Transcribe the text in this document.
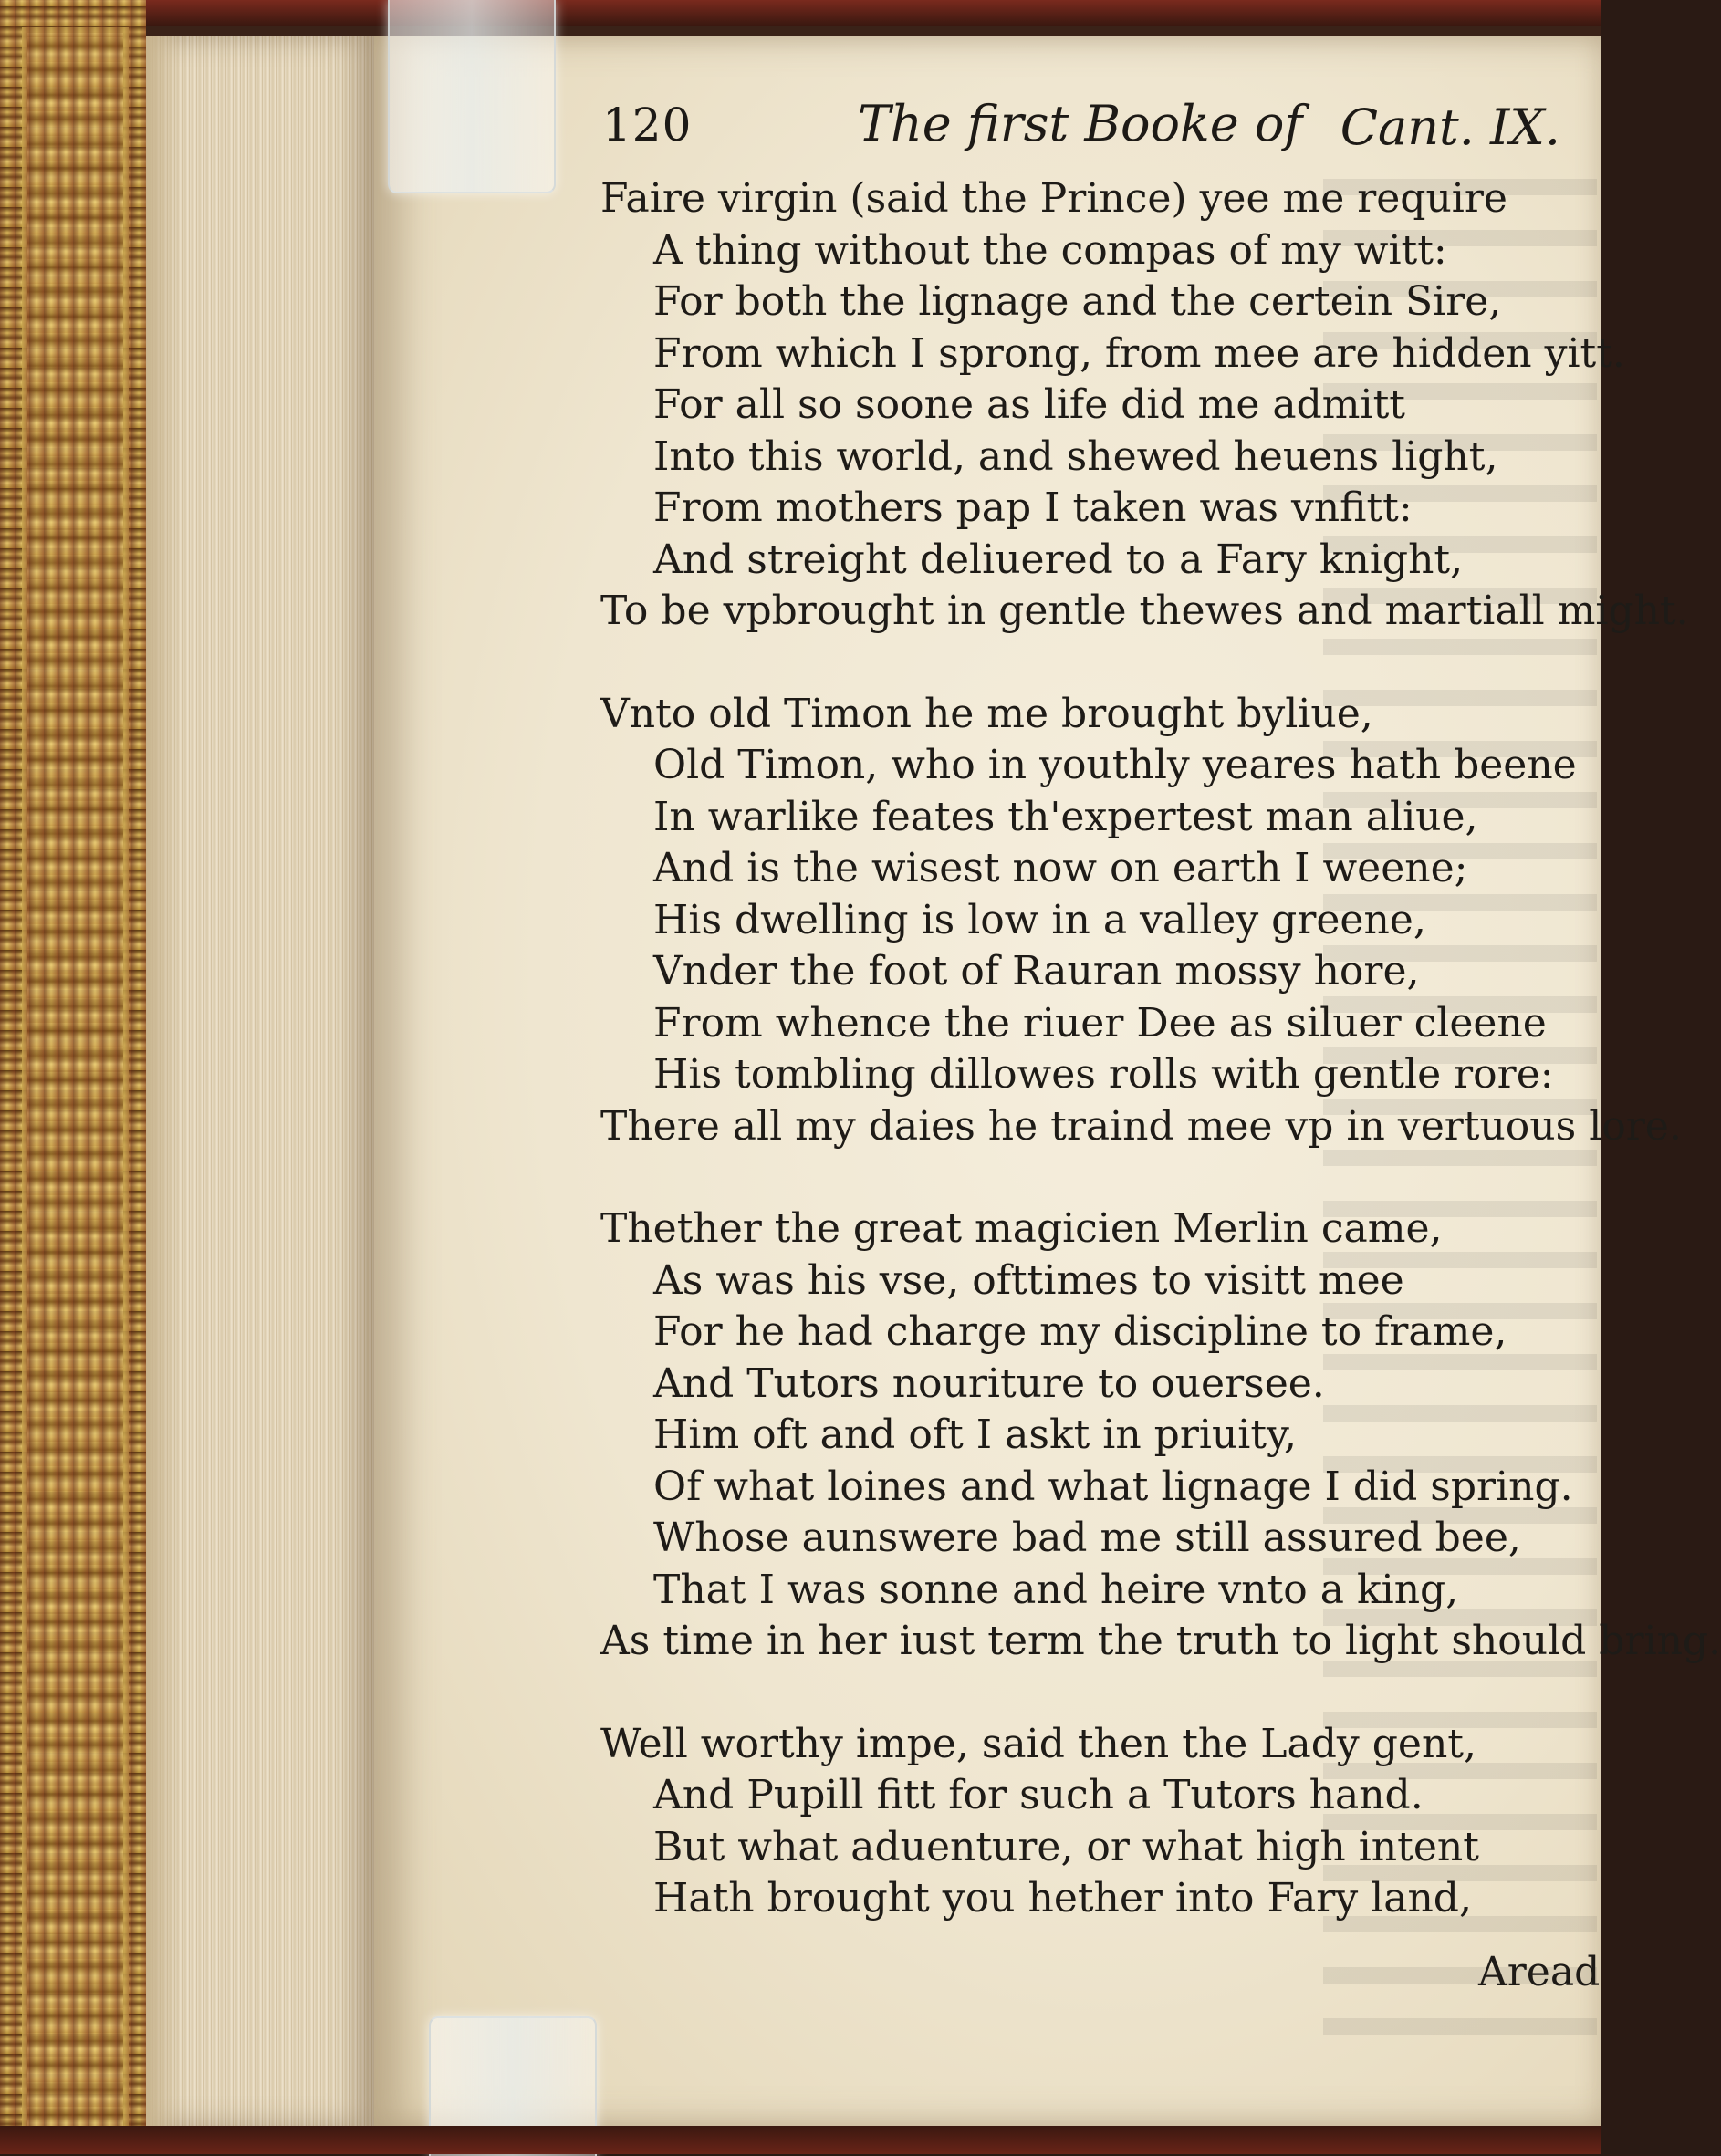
120	The first Booke of Cant. IX.
Faire virgin (said the Prince) yee me require
A thing without the compas of my witt:
For both the lignage and the certein Sire,
From which I sprong, from mee are hidden yitt.
For all so soone as life did me admitt
Into this world, and shewed heuens light,
From mothers pap I taken was vnfitt:
And streight deliuered to a Fary knight,
To be vpbrought in gentle thewes and martiall might.
Vnto old Timon he me brought byliue,
Old Timon, who in youthly yeares hath beene
In warlike feates th'expertest man aliue,
And is the wisest now on earth I weene;
His dwelling is low in a valley greene,
Vnder the foot of Rauran mossy hore,
From whence the riuer Dee as siluer cleene
His tombling dillowes rolls with gentle rore:
There all my daies he traind mee vp in vertuous lore.
Thether the great magicien Merlin came,
As was his vse, ofttimes to visitt mee
For he had charge my discipline to frame,
And Tutors nouriture to ouersee.
Him oft and oft I askt in priuity,
Of what loines and what lignage I did spring.
Whose aunswere bad me still assured bee,
That I was sonne and heire vnto a king,
As time in her iust term the truth to light should bring.
Well worthy impe, said then the Lady gent,
And Pupill fitt for such a Tutors hand.
But what aduenture, or what high intent
Hath brought you hether into Fary land,
Aread
